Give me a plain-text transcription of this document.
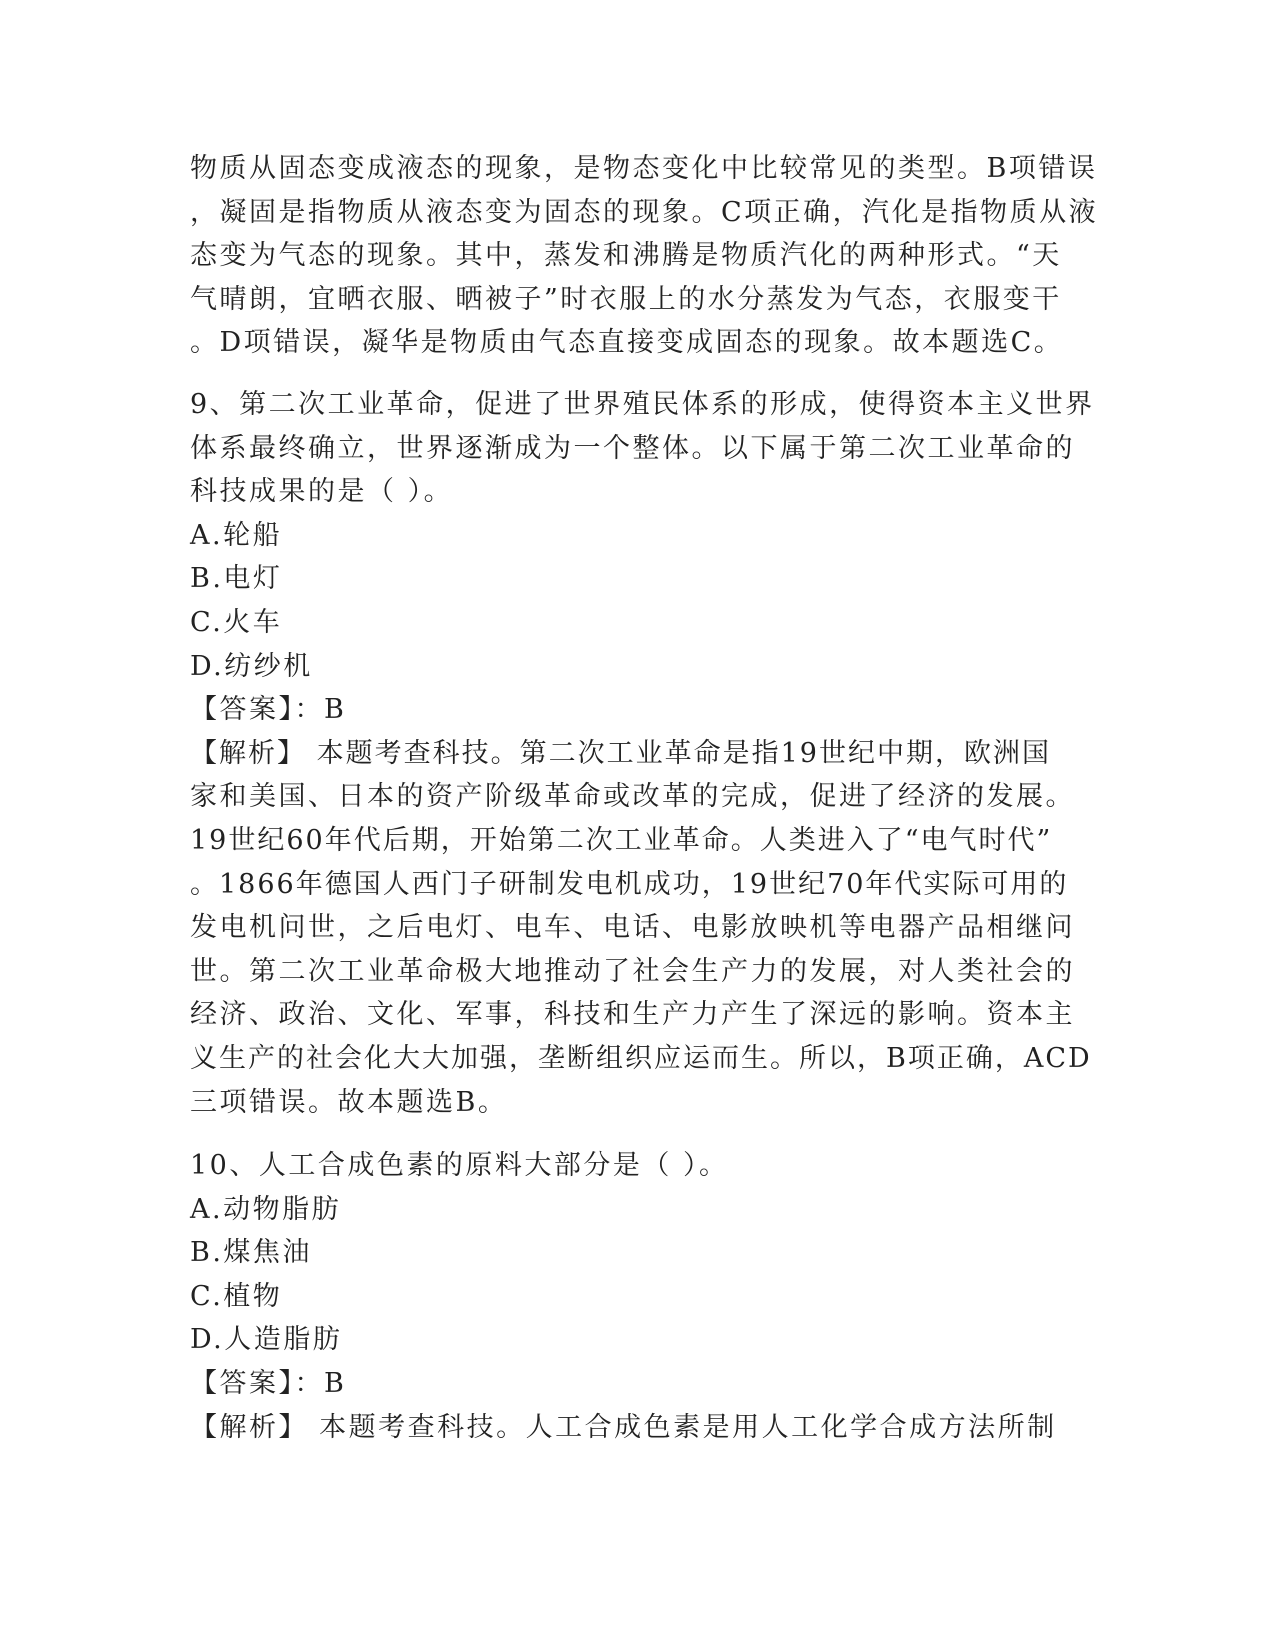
物质从固态变成液态的现象，是物态变化中比较常见的类型。B项错误
，凝固是指物质从液态变为固态的现象。C项正确，汽化是指物质从液
态变为气态的现象。其中，蒸发和沸腾是物质汽化的两种形式。“天
气晴朗，宜晒衣服、晒被子”时衣服上的水分蒸发为气态，衣服变干
。D项错误，凝华是物质由气态直接变成固态的现象。故本题选C。
9、第二次工业革命，促进了世界殖民体系的形成，使得资本主义世界
体系最终确立，世界逐渐成为一个整体。以下属于第二次工业革命的
科技成果的是（ ）。
A.轮船
B.电灯
C.火车
D.纺纱机
【答案】：B
【解析】 本题考查科技。第二次工业革命是指19世纪中期，欧洲国
家和美国、日本的资产阶级革命或改革的完成，促进了经济的发展。
19世纪60年代后期，开始第二次工业革命。人类进入了“电气时代”
。1866年德国人西门子研制发电机成功，19世纪70年代实际可用的
发电机问世，之后电灯、电车、电话、电影放映机等电器产品相继问
世。第二次工业革命极大地推动了社会生产力的发展，对人类社会的
经济、政治、文化、军事，科技和生产力产生了深远的影响。资本主
义生产的社会化大大加强，垄断组织应运而生。所以，B项正确，ACD
三项错误。故本题选B。
10、人工合成色素的原料大部分是（ ）。
A.动物脂肪
B.煤焦油
C.植物
D.人造脂肪
【答案】：B
【解析】 本题考查科技。人工合成色素是用人工化学合成方法所制
